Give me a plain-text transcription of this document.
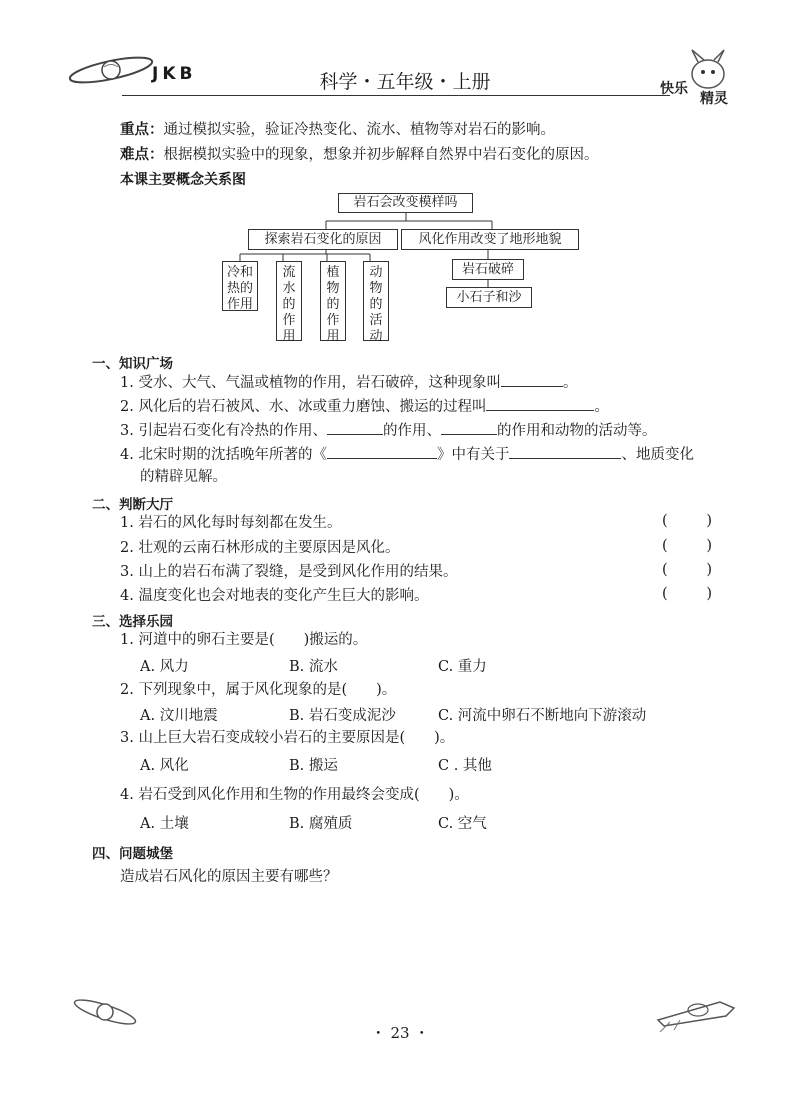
JKB	科学・五年级・上册	快乐
精灵
重点：通过模拟实验，验证冷热变化、流水、植物等对岩石的影响。
难点：根据模拟实验中的现象，想象并初步解释自然界中岩石变化的原因。
本课主要概念关系图
岩石会改变模样吗
探索岩石变化的原因	风化作用改变了地形地貌
冷和热的作用
流水的作用
植物的作用
动物的活动
岩石破碎
小石子和沙
一、知识广场
1. 受水、大气、气温或植物的作用，岩石破碎，这种现象叫	。
2. 风化后的岩石被风、水、冰或重力磨蚀、搬运的过程叫	。
3. 引起岩石变化有冷热的作用、	的作用、	的作用和动物的活动等。
4. 北宋时期的沈括晚年所著的《	》中有关于	、地质变化
的精辟见解。
二、判断大厅
1. 岩石的风化每时每刻都在发生。	(	)
2. 壮观的云南石林形成的主要原因是风化。	(	)
3. 山上的岩石布满了裂缝，是受到风化作用的结果。	(	)
4. 温度变化也会对地表的变化产生巨大的影响。	(	)
三、选择乐园
1. 河道中的卵石主要是(　　)搬运的。
A. 风力	B. 流水	C. 重力
2. 下列现象中，属于风化现象的是(　　)。
A. 汶川地震	B. 岩石变成泥沙	C. 河流中卵石不断地向下游滚动
3. 山上巨大岩石变成较小岩石的主要原因是(　　)。
A. 风化	B. 搬运	C . 其他
4. 岩石受到风化作用和生物的作用最终会变成(　　)。
A. 土壤	B. 腐殖质	C. 空气
四、问题城堡
造成岩石风化的原因主要有哪些？
・ 23 ・
